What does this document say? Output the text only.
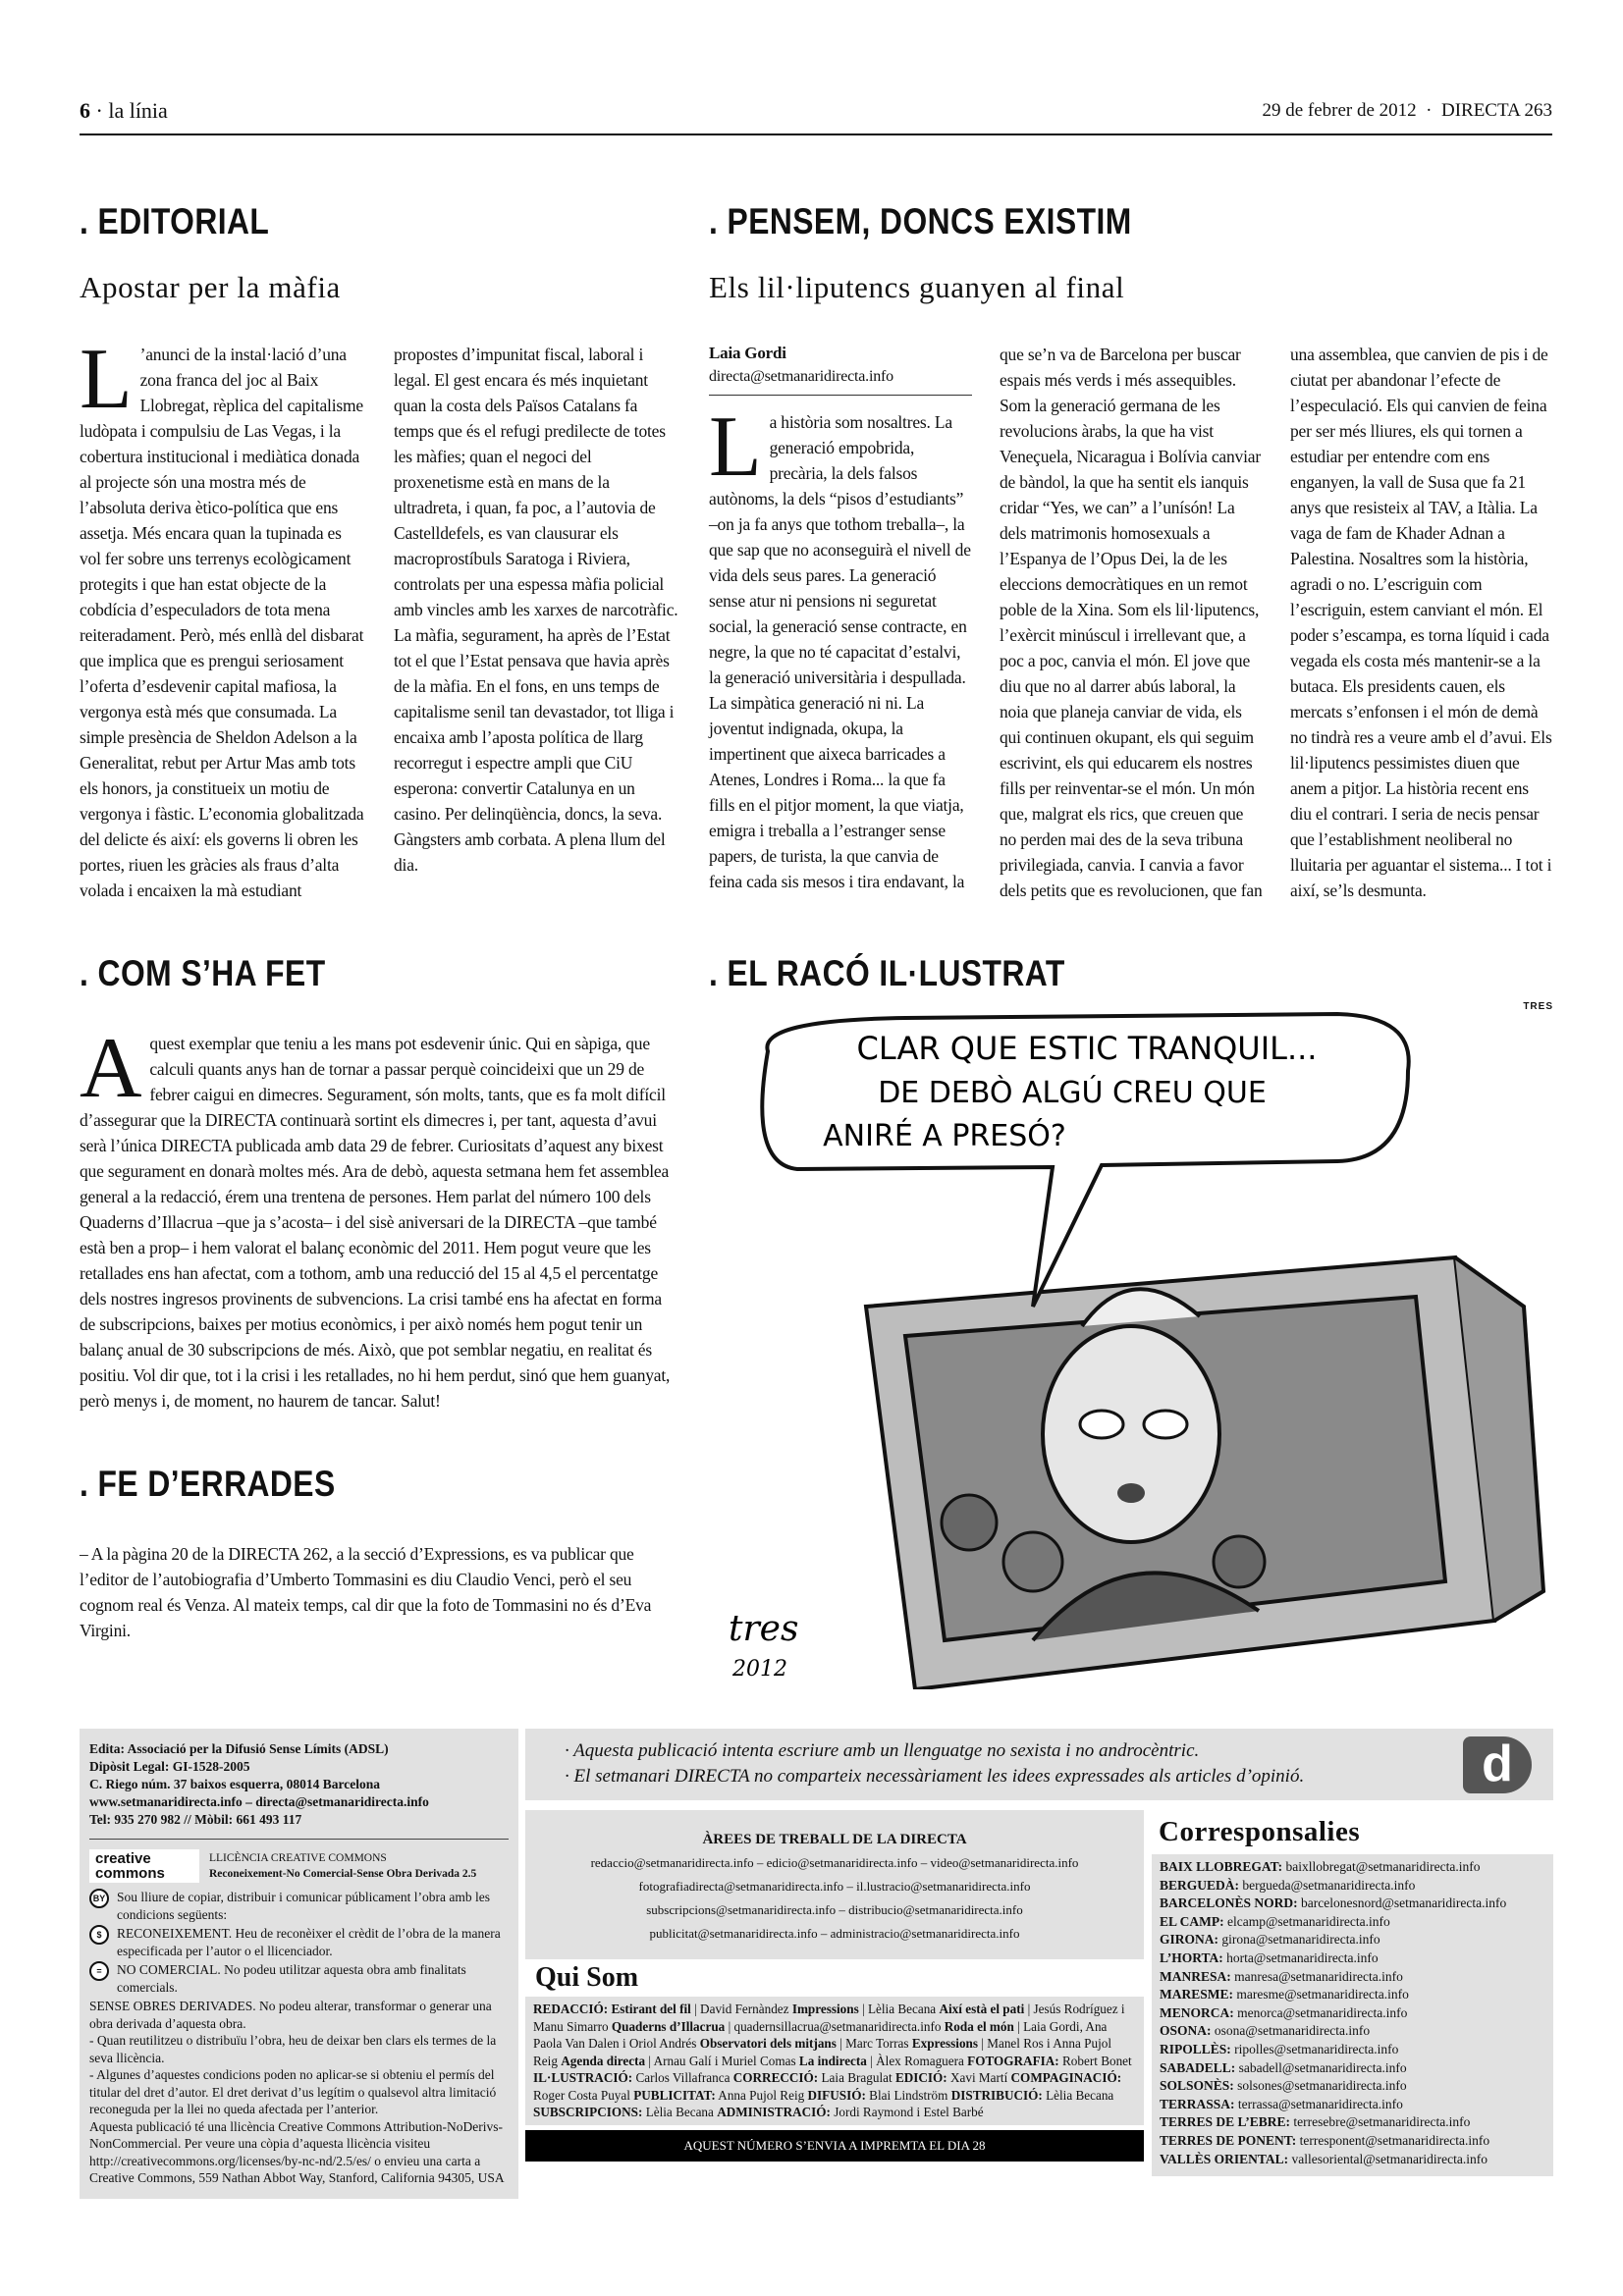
6 · la línia	29 de febrer de 2012 · DIRECTA 263
. EDITORIAL
Apostar per la màfia
L ’anunci de la instal·lació d’una zona franca del joc al Baix Llobregat, rèplica del capitalisme ludòpata i compulsiu de Las Vegas, i la cobertura institucional i mediàtica donada al projecte són una mostra més de l’absoluta deriva ètico-política que ens assetja. Més encara quan la tupinada es vol fer sobre uns terrenys ecològicament protegits i que han estat objecte de la cobdícia d’especuladors de tota mena reiteradament. Però, més enllà del disbarat que implica que es prengui seriosament l’oferta d’esdevenir capital mafiosa, la vergonya està més que consumada. La simple presència de Sheldon Adelson a la Generalitat, rebut per Artur Mas amb tots els honors, ja constitueix un motiu de vergonya i fàstic. L’economia globalitzada del delicte és així: els governs li obren les portes, riuen les gràcies als fraus d’alta volada i encaixen la mà estudiant propostes d’impunitat fiscal, laboral i legal. El gest encara és més inquietant quan la costa dels Països Catalans fa temps que és el refugi predilecte de totes les màfies; quan el negoci del proxenetisme està en mans de la ultradreta, i quan, fa poc, a l’autovia de Castelldefels, es van clausurar els macroprostíbuls Saratoga i Riviera, controlats per una espessa màfia policial amb vincles amb les xarxes de narcotràfic. La màfia, segurament, ha après de l’Estat tot el que l’Estat pensava que havia après de la màfia. En el fons, en uns temps de capitalisme senil tan devastador, tot lliga i encaixa amb l’aposta política de llarg recorregut i espectre ampli que CiU esperona: convertir Catalunya en un casino. Per delinqüència, doncs, la seva. Gàngsters amb corbata. A plena llum del dia.
. PENSEM, DONCS EXISTIM
Els lil·liputencs guanyen al final
Laia Gordi
directa@setmanaridirecta.info
L a història som nosaltres. La generació empobrida, precària, la dels falsos autònoms, la dels “pisos d’estudiants” –on ja fa anys que tothom treballa–, la que sap que no aconseguirà el nivell de vida dels seus pares. La generació sense atur ni pensions ni seguretat social, la generació sense contracte, en negre, la que no té capacitat d’estalvi, la generació universitària i despullada. La simpàtica generació ni ni. La joventut indignada, okupa, la impertinent que aixeca barricades a Atenes, Londres i Roma... la que fa fills en el pitjor moment, la que viatja, emigra i treballa a l’estranger sense papers, de turista, la que canvia de feina cada sis mesos i tira endavant, la que se’n va de Barcelona per buscar espais més verds i més assequibles. Som la generació germana de les revolucions àrabs, la que ha vist Veneçuela, Nicaragua i Bolívia canviar de bàndol, la que ha sentit els ianquis cridar “Yes, we can” a l’unísón! La dels matrimonis homosexuals a l’Espanya de l’Opus Dei, la de les eleccions democràtiques en un remot poble de la Xina. Som els lil·liputencs, l’exèrcit minúscul i irrellevant que, a poc a poc, canvia el món. El jove que diu que no al darrer abús laboral, la noia que planeja canviar de vida, els qui continuen okupant, els qui seguim escrivint, els qui educarem els nostres fills per reinventar-se el món. Un món que, malgrat els rics, que creuen que no perden mai des de la seva tribuna privilegiada, canvia. I canvia a favor dels petits que es revolucionen, que fan una assemblea, que canvien de pis i de ciutat per abandonar l’efecte de l’especulació. Els qui canvien de feina per ser més lliures, els qui tornen a estudiar per entendre com ens enganyen, la vall de Susa que fa 21 anys que resisteix al TAV, a Itàlia. La vaga de fam de Khader Adnan a Palestina. Nosaltres som la història, agradi o no. L’escriguin com l’escriguin, estem canviant el món. El poder s’escampa, es torna líquid i cada vegada els costa més mantenir-se a la butaca. Els presidents cauen, els mercats s’enfonsen i el món de demà no tindrà res a veure amb el d’avui. Els lil·liputencs pessimistes diuen que anem a pitjor. La història recent ens diu el contrari. I seria de necis pensar que l’establishment neoliberal no lluitaria per aguantar el sistema... I tot i així, se’ls desmunta.
. COM S’HA FET
Aquest exemplar que teniu a les mans pot esdevenir únic. Qui en sàpiga, que calculi quants anys han de tornar a passar perquè coincideixi que un 29 de febrer caigui en dimecres. Segurament, són molts, tants, que es fa molt difícil d’assegurar que la DIRECTA continuarà sortint els dimecres i, per tant, aquesta d’avui serà l’única DIRECTA publicada amb data 29 de febrer. Curiositats d’aquest any bixest que segurament en donarà moltes més. Ara de debò, aquesta setmana hem fet assemblea general a la redacció, érem una trentena de persones. Hem parlat del número 100 dels Quaderns d’Illacrua –que ja s’acosta– i del sisè aniversari de la DIRECTA –que també està ben a prop– i hem valorat el balanç econòmic del 2011. Hem pogut veure que les retallades ens han afectat, com a tothom, amb una reducció del 15 al 4,5 el percentatge dels nostres ingresos provinents de subvencions. La crisi també ens ha afectat en forma de subscripcions, baixes per motius econòmics, i per això només hem pogut tenir un balanç anual de 30 subscripcions de més. Això, que pot semblar negatiu, en realitat és positiu. Vol dir que, tot i la crisi i les retallades, no hi hem perdut, sinó que hem guanyat, però menys i, de moment, no haurem de tancar. Salut!
. FE D’ERRADES
– A la pàgina 20 de la DIRECTA 262, a la secció d’Expressions, es va publicar que l’editor de l’autobiografia d’Umberto Tommasini es diu Claudio Venci, però el seu cognom real és Venza. Al mateix temps, cal dir que la foto de Tommasini no és d’Eva Virgini.
. EL RACÓ IL·LUSTRAT
TRES
CLAR QUE ESTIC TRANQUIL...
DE DEBÒ ALGÚ CREU QUE
ANIRÉ A PRESÓ?
tres
2012
Edita: Associació per la Difusió Sense Límits (ADSL)
Dipòsit Legal: GI-1528-2005
C. Riego núm. 37 baixos esquerra, 08014 Barcelona
www.setmanaridirecta.info – directa@setmanaridirecta.info
Tel: 935 270 982 // Mòbil: 661 493 117
creative commons
LLICÈNCIA CREATIVE COMMONS
Reconeixement-No Comercial-Sense Obra Derivada 2.5
BY Sou lliure de copiar, distribuir i comunicar públicament l’obra amb les condicions següents:
$	RECONEIXEMENT. Heu de reconèixer el crèdit de l’obra de la manera especificada per l’autor o el llicenciador.
=	NO COMERCIAL. No podeu utilitzar aquesta obra amb finalitats comercials.
SENSE OBRES DERIVADES. No podeu alterar, transformar o generar una obra derivada d’aquesta obra.
- Quan reutilitzeu o distribuïu l’obra, heu de deixar ben clars els termes de la seva llicència.
- Algunes d’aquestes condicions poden no aplicar-se si obteniu el permís del titular del dret d’autor. El dret derivat d’us legítim o qualsevol altra limitació reconeguda per la llei no queda afectada per l’anterior.
Aquesta publicació té una llicència Creative Commons Attribution-NoDerivs- NonCommercial. Per veure una còpia d’aquesta llicència visiteu http://creativecommons.org/licenses/by-nc-nd/2.5/es/ o envieu una carta a Creative Commons, 559 Nathan Abbot Way, Stanford, California 94305, USA
· Aquesta publicació intenta escriure amb un llenguatge no sexista i no androcèntric.
· El setmanari DIRECTA no comparteix necessàriament les idees expressades als articles d’opinió.	d
ÀREES DE TREBALL DE LA DIRECTA
redaccio@setmanaridirecta.info – edicio@setmanaridirecta.info – video@setmanaridirecta.info
fotografiadirecta@setmanaridirecta.info – il.lustracio@setmanaridirecta.info
subscripcions@setmanaridirecta.info – distribucio@setmanaridirecta.info
publicitat@setmanaridirecta.info – administracio@setmanaridirecta.info
Qui Som
REDACCIÓ: Estirant del fil | David Fernàndez Impressions | Lèlia Becana Així està el pati | Jesús Rodríguez i Manu Simarro Quaderns d’Illacrua | quadernsillacrua@setmanaridirecta.info Roda el món | Laia Gordi, Ana Paola Van Dalen i Oriol Andrés Observatori dels mitjans | Marc Torras Expressions | Manel Ros i Anna Pujol Reig Agenda directa | Arnau Galí i Muriel Comas La indirecta | Àlex Romaguera FOTOGRAFIA: Robert Bonet IL·LUSTRACIÓ: Carlos Villafranca CORRECCIÓ: Laia Bragulat EDICIÓ: Xavi Martí COMPAGINACIÓ: Roger Costa Puyal PUBLICITAT: Anna Pujol Reig DIFUSIÓ: Blai Lindström DISTRIBUCIÓ: Lèlia Becana SUBSCRIPCIONS: Lèlia Becana ADMINISTRACIÓ: Jordi Raymond i Estel Barbé
AQUEST NÚMERO S’ENVIA A IMPREMTA EL DIA 28
Corresponsalies
BAIX LLOBREGAT: baixllobregat@setmanaridirecta.info
BERGUEDÀ: bergueda@setmanaridirecta.info
BARCELONÈS NORD: barcelonesnord@setmanaridirecta.info
EL CAMP: elcamp@setmanaridirecta.info
GIRONA: girona@setmanaridirecta.info
L’HORTA: horta@setmanaridirecta.info
MANRESA: manresa@setmanaridirecta.info
MARESME: maresme@setmanaridirecta.info
MENORCA: menorca@setmanaridirecta.info
OSONA: osona@setmanaridirecta.info
RIPOLLÈS: ripolles@setmanaridirecta.info
SABADELL: sabadell@setmanaridirecta.info
SOLSONÈS: solsones@setmanaridirecta.info
TERRASSA: terrassa@setmanaridirecta.info
TERRES DE L’EBRE: terresebre@setmanaridirecta.info
TERRES DE PONENT: terresponent@setmanaridirecta.info
VALLÈS ORIENTAL: vallesoriental@setmanaridirecta.info
